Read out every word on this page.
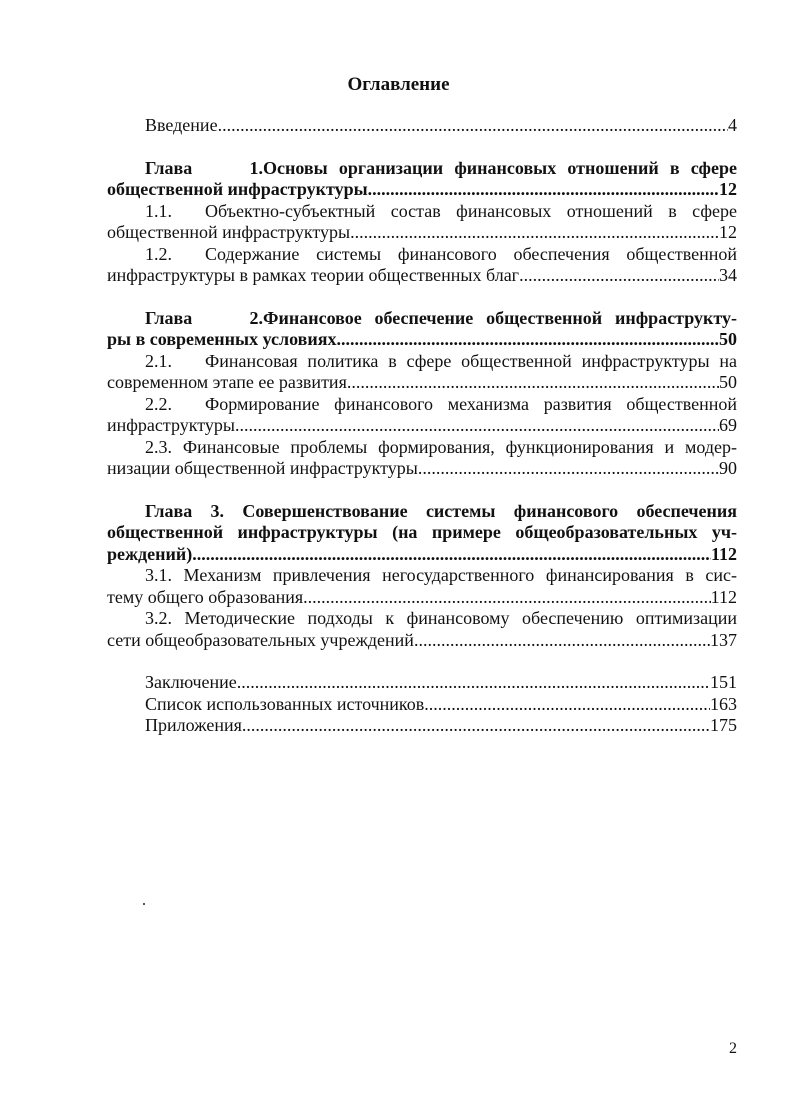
Оглавление
Введение .....	4
Глава 1.Основы организации финансовых отношений в сфере
общественной инфраструктуры .....	12
1.1. Объектно-субъектный состав финансовых отношений в сфере
общественной инфраструктуры .....	12
1.2. Содержание системы финансового обеспечения общественной
инфраструктуры в рамках теории общественных благ .....	34
Глава 2.Финансовое обеспечение общественной инфраструкту-
ры в современных условиях .....	50
2.1. Финансовая политика в сфере общественной инфраструктуры на
современном этапе ее развития .....	50
2.2. Формирование финансового механизма развития общественной
инфраструктуры .....	69
2.3. Финансовые проблемы формирования, функционирования и модер-
низации общественной инфраструктуры .....	90
Глава 3. Совершенствование системы финансового обеспечения
общественной инфраструктуры (на примере общеобразовательных уч-
реждений) .....	112
3.1. Механизм привлечения негосударственного финансирования в сис-
тему общего образования .....	112
3.2. Методические подходы к финансовому обеспечению оптимизации
сети общеобразовательных учреждений .....	137
Заключение .....	151
Список использованных источников .....	163
Приложения .....	175
2
